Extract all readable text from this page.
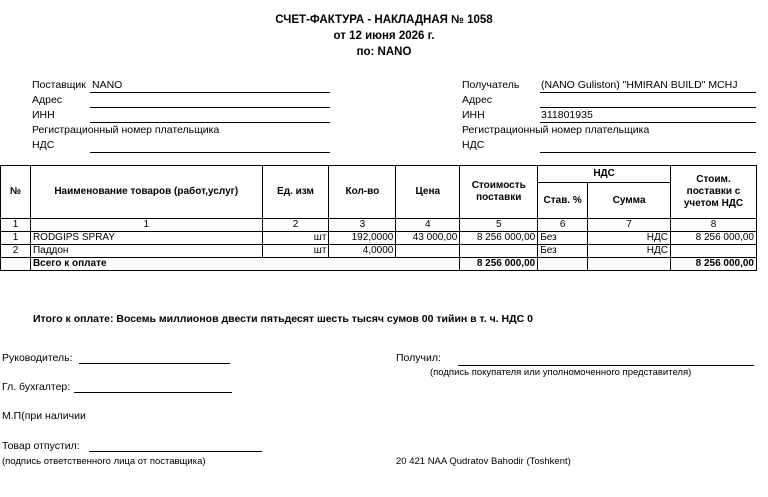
СЧЕТ-ФАКТУРА - НАКЛАДНАЯ № 1058
от 12 июня 2026 г.
по: NANO
Поставщик NANO
Адрес
ИНН
Регистрационный номер плательщика
НДС
Получатель (NANO Guliston) "HMIRAN BUILD" MCHJ
Адрес
ИНН	311801935
Регистрационный номер плательщика
НДС
№	Наименование товаров (работ,услуг)	Ед. изм	Кол-во	Цена	Стоимость поставки	НДС		Стоим. поставки с учетом НДС
						Став. %	Сумма	
1	1	2	3	4	5	6	7	8
1	RODGIPS SPRAY	шт	192,0000	43 000,00	8 256 000,00	Без	НДС	8 256 000,00
2	Паддон	шт	4,0000			Без	НДС	
	Всего к оплате				8 256 000,00			8 256 000,00
Итого к оплате: Восемь миллионов двести пятьдесят шесть тысяч сумов 00 тийин в т. ч. НДС 0
Руководитель:	Получил:
(подпись покупателя или уполномоченного представителя)
Гл. бухгалтер:
М.П(при наличии
Товар отпустил:
(подпись ответственного лица от поставщика)	20 421 NAA Qudratov Bahodir (Toshkent)
